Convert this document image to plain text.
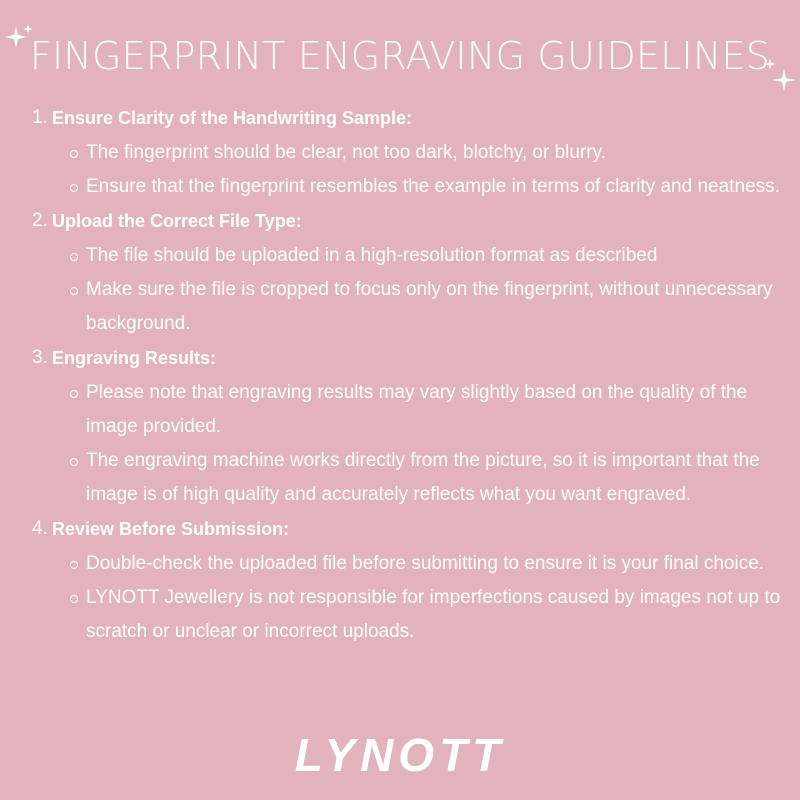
FINGERPRINT ENGRAVING GUIDELINES
1. Ensure Clarity of the Handwriting Sample:
The fingerprint should be clear, not too dark, blotchy, or blurry.
Ensure that the fingerprint resembles the example in terms of clarity and neatness.
2. Upload the Correct File Type:
The file should be uploaded in a high-resolution format as described
Make sure the file is cropped to focus only on the fingerprint, without unnecessary background.
3. Engraving Results:
Please note that engraving results may vary slightly based on the quality of the image provided.
The engraving machine works directly from the picture, so it is important that the image is of high quality and accurately reflects what you want engraved.
4. Review Before Submission:
Double-check the uploaded file before submitting to ensure it is your final choice.
LYNOTT Jewellery is not responsible for imperfections caused by images not up to scratch or unclear or incorrect uploads.
LYNOTT
